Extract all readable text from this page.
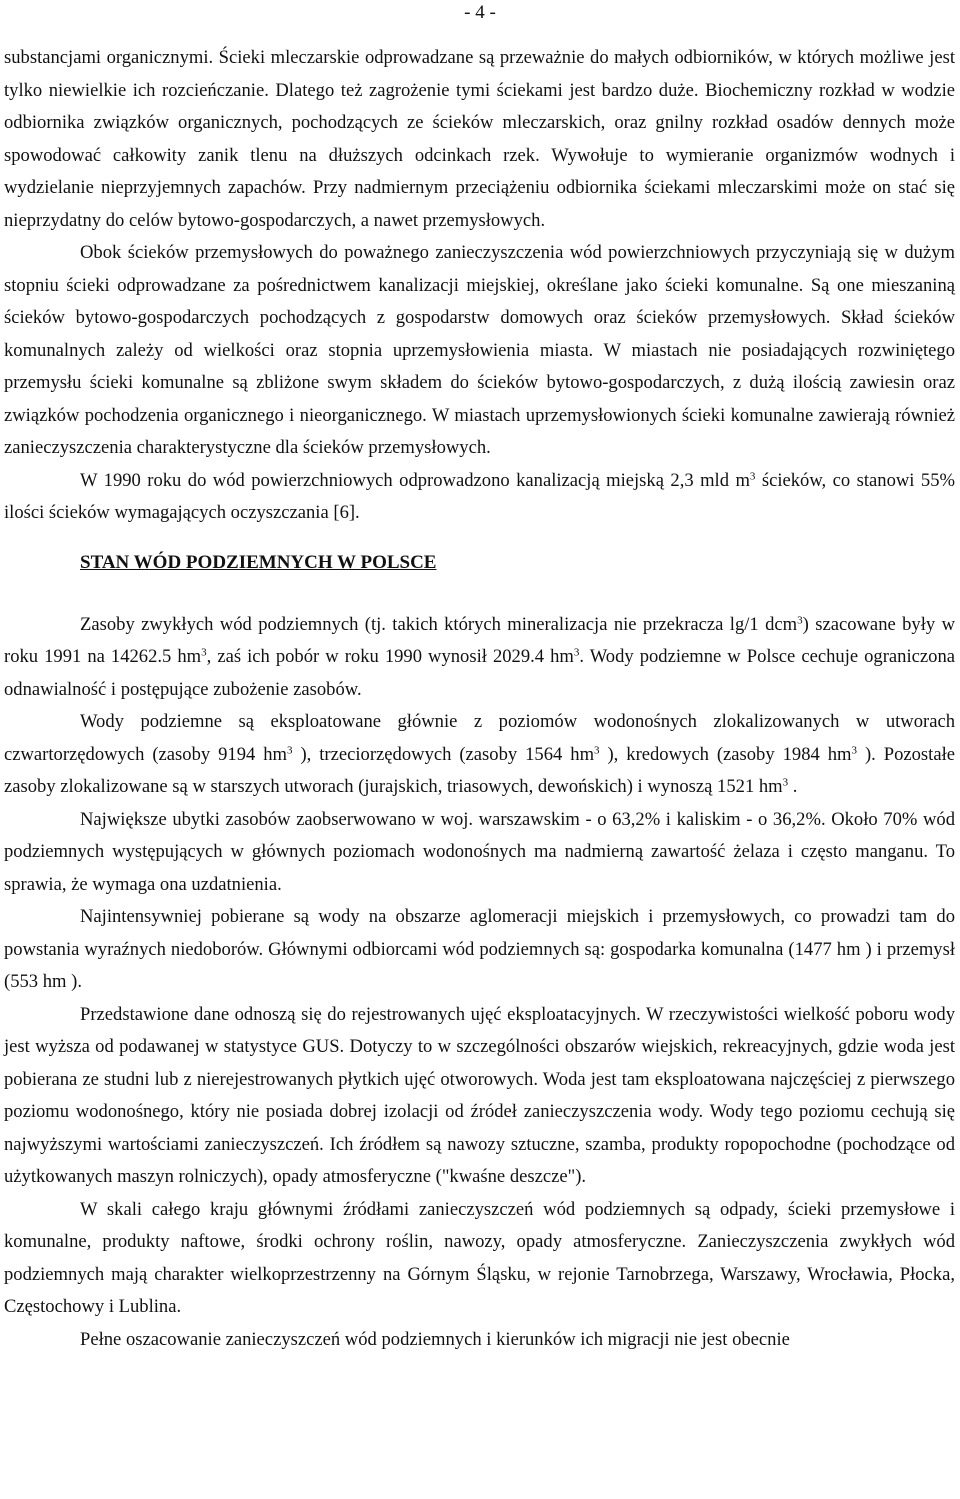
- 4 -

substancjami organicznymi. Ścieki mleczarskie odprowadzane są przeważnie do małych odbiorników, w których możliwe jest tylko niewielkie ich rozcieńczanie. Dlatego też zagrożenie tymi ściekami jest bardzo duże. Biochemiczny rozkład w wodzie odbiornika związków organicznych, pochodzących ze ścieków mleczarskich, oraz gnilny rozkład osadów dennych może spowodować całkowity zanik tlenu na dłuższych odcinkach rzek. Wywołuje to wymieranie organizmów wodnych i wydzielanie nieprzyjemnych zapachów. Przy nadmiernym przeciążeniu odbiornika ściekami mleczarskimi może on stać się nieprzydatny do celów bytowo-gospodarczych, a nawet przemysłowych.

Obok ścieków przemysłowych do poważnego zanieczyszczenia wód powierzchniowych przyczyniają się w dużym stopniu ścieki odprowadzane za pośrednictwem kanalizacji miejskiej, określane jako ścieki komunalne. Są one mieszaniną ścieków bytowo-gospodarczych pochodzących z gospodarstw domowych oraz ścieków przemysłowych. Skład ścieków komunalnych zależy od wielkości oraz stopnia uprzemysłowienia miasta. W miastach nie posiadających rozwiniętego przemysłu ścieki komunalne są zbliżone swym składem do ścieków bytowo-gospodarczych, z dużą ilością zawiesin oraz związków pochodzenia organicznego i nieorganicznego. W miastach uprzemysłowionych ścieki komunalne zawierają również zanieczyszczenia charakterystyczne dla ścieków przemysłowych.

W 1990 roku do wód powierzchniowych odprowadzono kanalizacją miejską 2,3 mld $m^3$ ścieków, co stanowi 55% ilości ścieków wymagających oczyszczania [6].

STAN WÓD PODZIEMNYCH W POLSCE

Zasoby zwykłych wód podziemnych (tj. takich których mineralizacja nie przekracza lg/1 dcm$^3$) szacowane były w roku 1991 na 14262.5 $hm^3$, zaś ich pobór w roku 1990 wynosił 2029.4 $hm^3$. Wody podziemne w Polsce cechuje ograniczona odnawialność i postępujące zubożenie zasobów.

Wody podziemne są eksploatowane głównie z poziomów wodonośnych zlokalizowanych w utworach czwartorzędowych (zasoby 9194 $hm^3$ ), trzeciorzędowych (zasoby 1564 $hm^3$ ), kredowych (zasoby 1984 $hm^3$ ). Pozostałe zasoby zlokalizowane są w starszych utworach (jurajskich, triasowych, dewońskich) i wynoszą 1521 $hm^3$ .

Największe ubytki zasobów zaobserwowano w woj. warszawskim - o 63,2% i kaliskim - o 36,2%. Około 70% wód podziemnych występujących w głównych poziomach wodonośnych ma nadmierną zawartość żelaza i często manganu. To sprawia, że wymaga ona uzdatnienia.

Najintensywniej pobierane są wody na obszarze aglomeracji miejskich i przemysłowych, co prowadzi tam do powstania wyraźnych niedoborów. Głównymi odbiorcami wód podziemnych są: gospodarka komunalna (1477 hm ) i przemysł (553 hm ).

Przedstawione dane odnoszą się do rejestrowanych ujęć eksploatacyjnych. W rzeczywistości wielkość poboru wody jest wyższa od podawanej w statystyce GUS. Dotyczy to w szczególności obszarów wiejskich, rekreacyjnych, gdzie woda jest pobierana ze studni lub z nierejestrowanych płytkich ujęć otworowych. Woda jest tam eksploatowana najczęściej z pierwszego poziomu wodonośnego, który nie posiada dobrej izolacji od źródeł zanieczyszczenia wody. Wody tego poziomu cechują się najwyższymi wartościami zanieczyszczeń. Ich źródłem są nawozy sztuczne, szamba, produkty ropopochodne (pochodzące od użytkowanych maszyn rolniczych), opady atmosferyczne ("kwaśne deszcze").

W skali całego kraju głównymi źródłami zanieczyszczeń wód podziemnych są odpady, ścieki przemysłowe i komunalne, produkty naftowe, środki ochrony roślin, nawozy, opady atmosferyczne. Zanieczyszczenia zwykłych wód podziemnych mają charakter wielkoprzestrzenny na Górnym Śląsku, w rejonie Tarnobrzega, Warszawy, Wrocławia, Płocka, Częstochowy i Lublina.

Pełne oszacowanie zanieczyszczeń wód podziemnych i kierunków ich migracji nie jest obecnie
